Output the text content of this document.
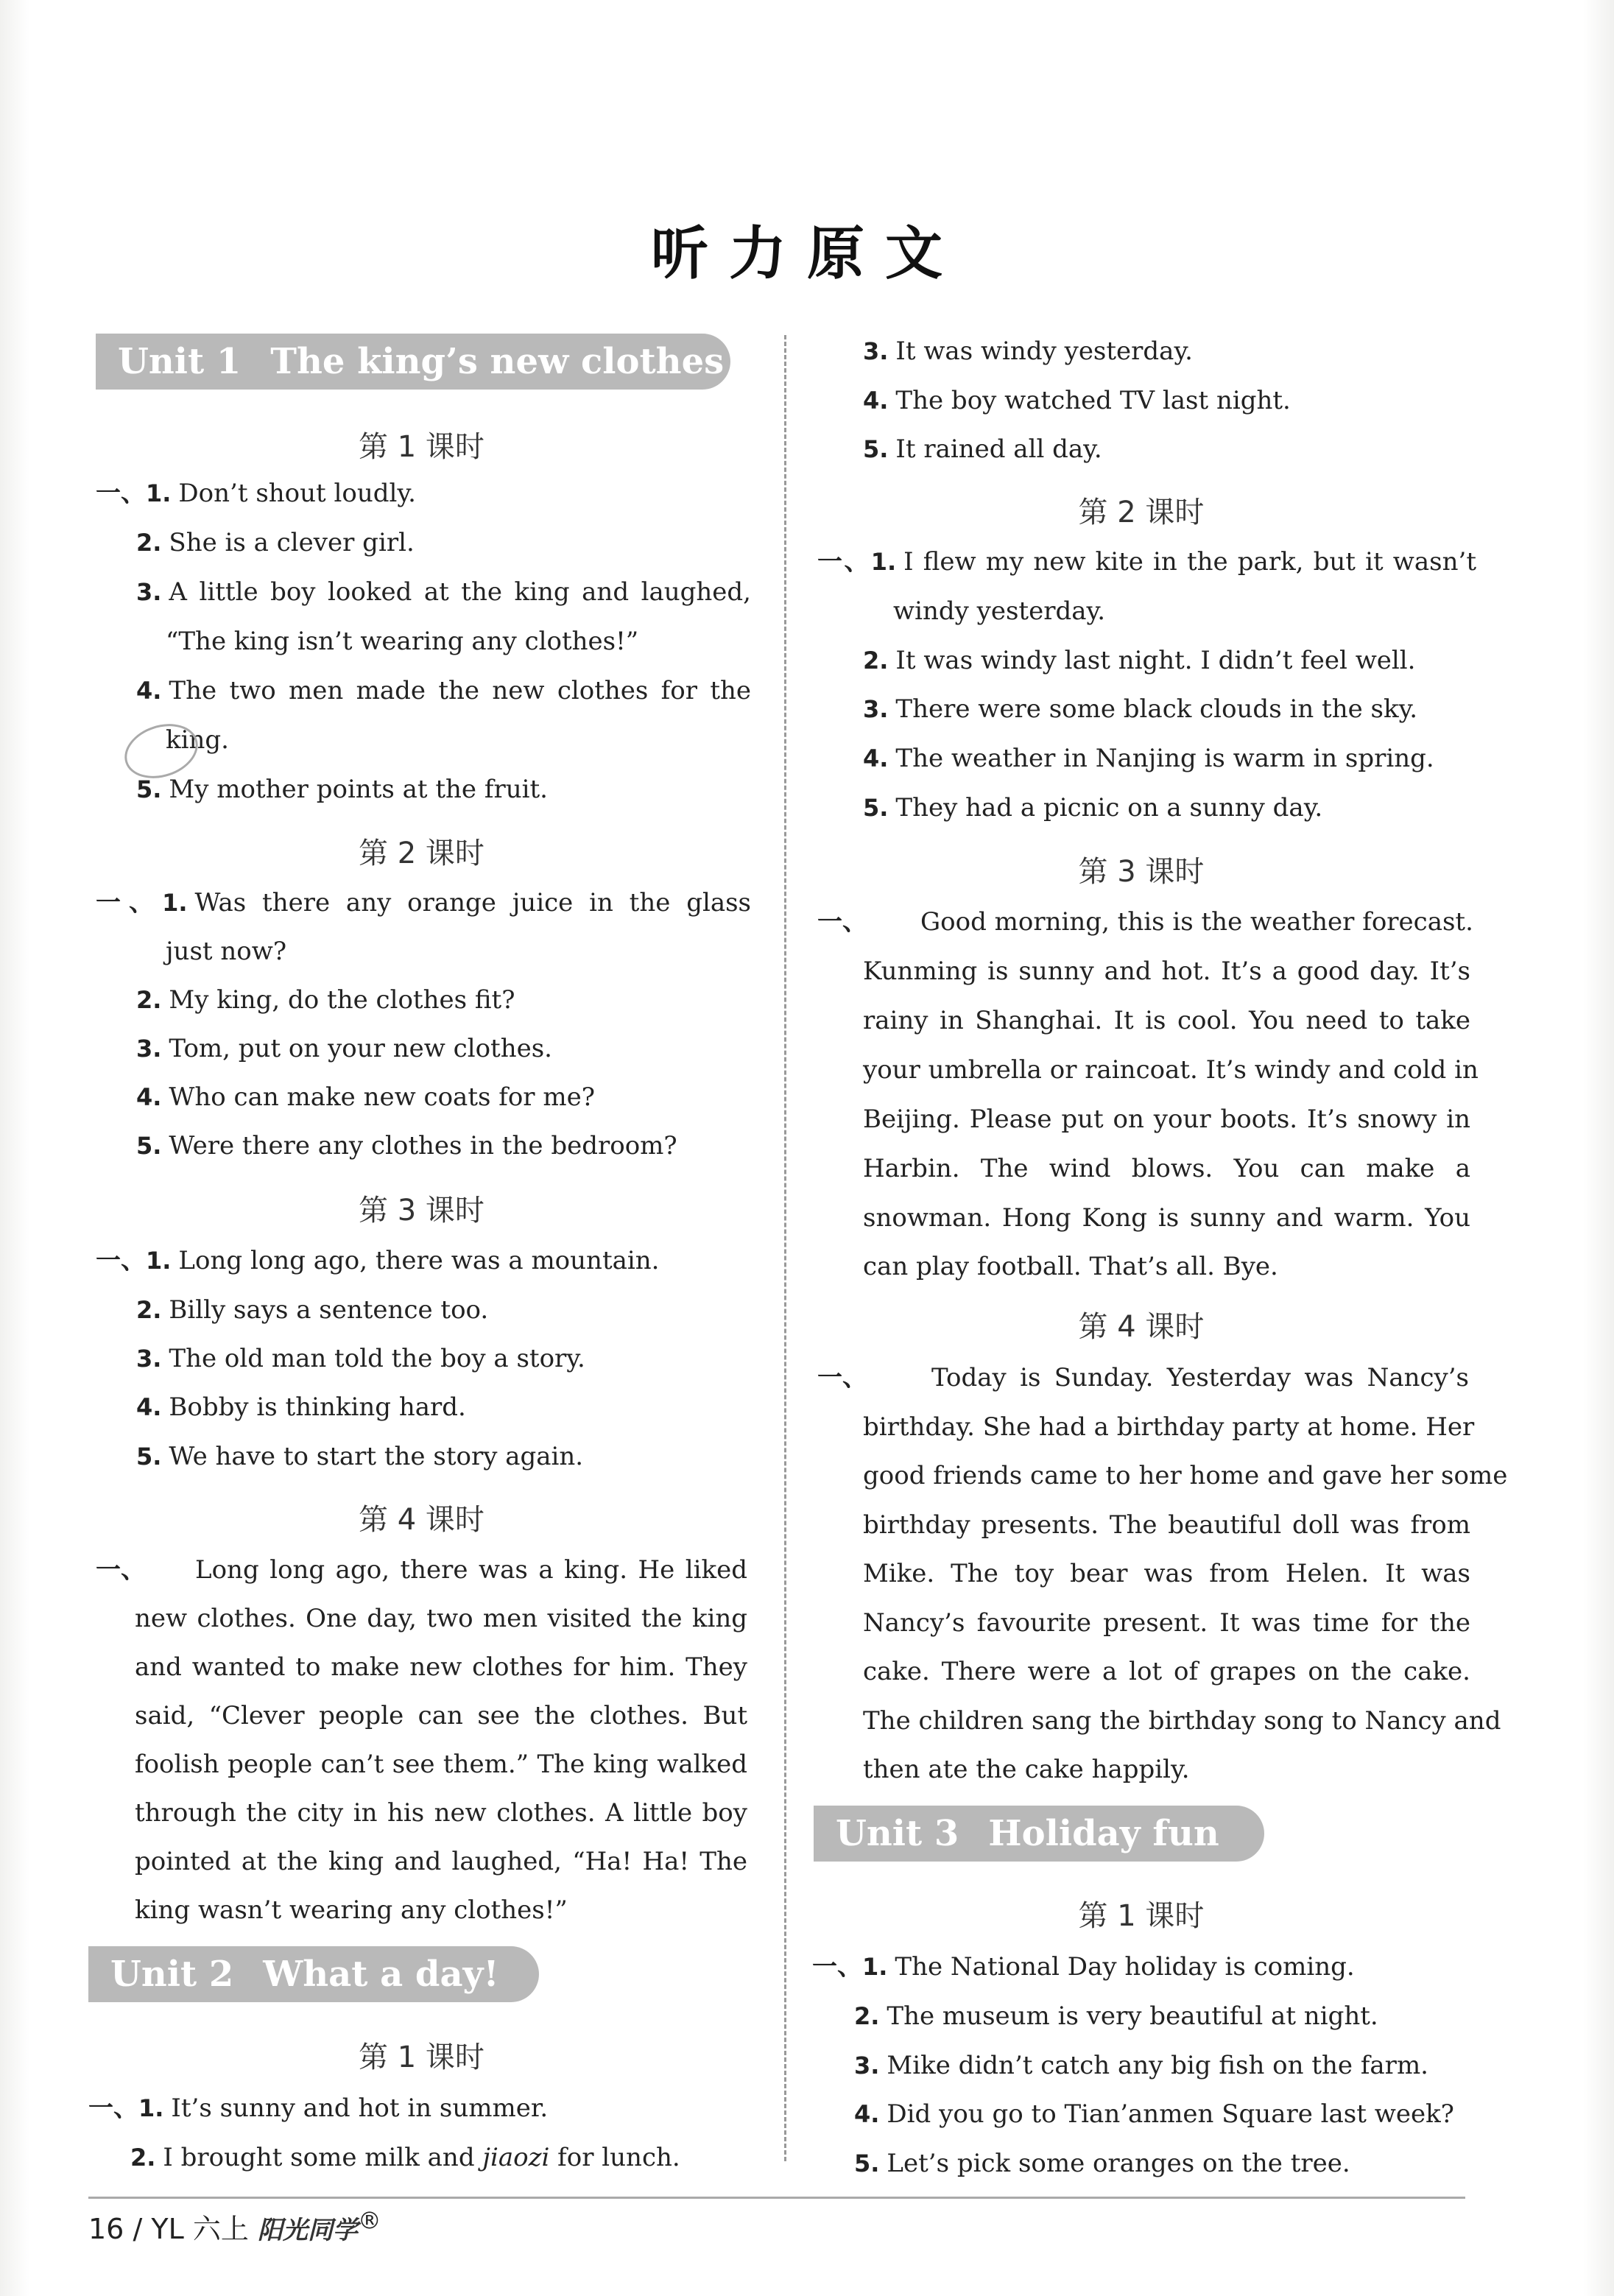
听力原文
Unit 1 The king’s new clothes
第 1 课时
一、1. Don’t shout loudly.
2. She is a clever girl.
3. A little boy looked at the king and laughed,
“The king isn’t wearing any clothes!”
4. The two men made the new clothes for the
king.
5. My mother points at the fruit.
第 2 课时
一、1. Was there any orange juice in the glass
just now?
2. My king, do the clothes fit?
3. Tom, put on your new clothes.
4. Who can make new coats for me?
5. Were there any clothes in the bedroom?
第 3 课时
一、1. Long long ago, there was a mountain.
2. Billy says a sentence too.
3. The old man told the boy a story.
4. Bobby is thinking hard.
5. We have to start the story again.
第 4 课时
一、 Long long ago, there was a king. He liked
new clothes. One day, two men visited the king
and wanted to make new clothes for him. They
said, “Clever people can see the clothes. But
foolish people can’t see them.” The king walked
through the city in his new clothes. A little boy
pointed at the king and laughed, “Ha! Ha! The
king wasn’t wearing any clothes!”
Unit 2 What a day!
第 1 课时
一、1. It’s sunny and hot in summer.
2. I brought some milk and jiaozi for lunch.
3. It was windy yesterday.
4. The boy watched TV last night.
5. It rained all day.
第 2 课时
一、1. I flew my new kite in the park, but it wasn’t
windy yesterday.
2. It was windy last night. I didn’t feel well.
3. There were some black clouds in the sky.
4. The weather in Nanjing is warm in spring.
5. They had a picnic on a sunny day.
第 3 课时
一、 Good morning, this is the weather forecast.
Kunming is sunny and hot. It’s a good day. It’s
rainy in Shanghai. It is cool. You need to take
your umbrella or raincoat. It’s windy and cold in
Beijing. Please put on your boots. It’s snowy in
Harbin. The wind blows. You can make a
snowman. Hong Kong is sunny and warm. You
can play football. That’s all. Bye.
第 4 课时
一、	Today is Sunday. Yesterday was Nancy’s
birthday. She had a birthday party at home. Her
good friends came to her home and gave her some
birthday presents. The beautiful doll was from
Mike. The toy bear was from Helen. It was
Nancy’s favourite present. It was time for the
cake. There were a lot of grapes on the cake.
The children sang the birthday song to Nancy and
then ate the cake happily.
Unit 3 Holiday fun
第 1 课时
一、1. The National Day holiday is coming.
2. The museum is very beautiful at night.
3. Mike didn’t catch any big fish on the farm.
4. Did you go to Tian’anmen Square last week?
5. Let’s pick some oranges on the tree.
16 / YL 六上 阳光同学®
